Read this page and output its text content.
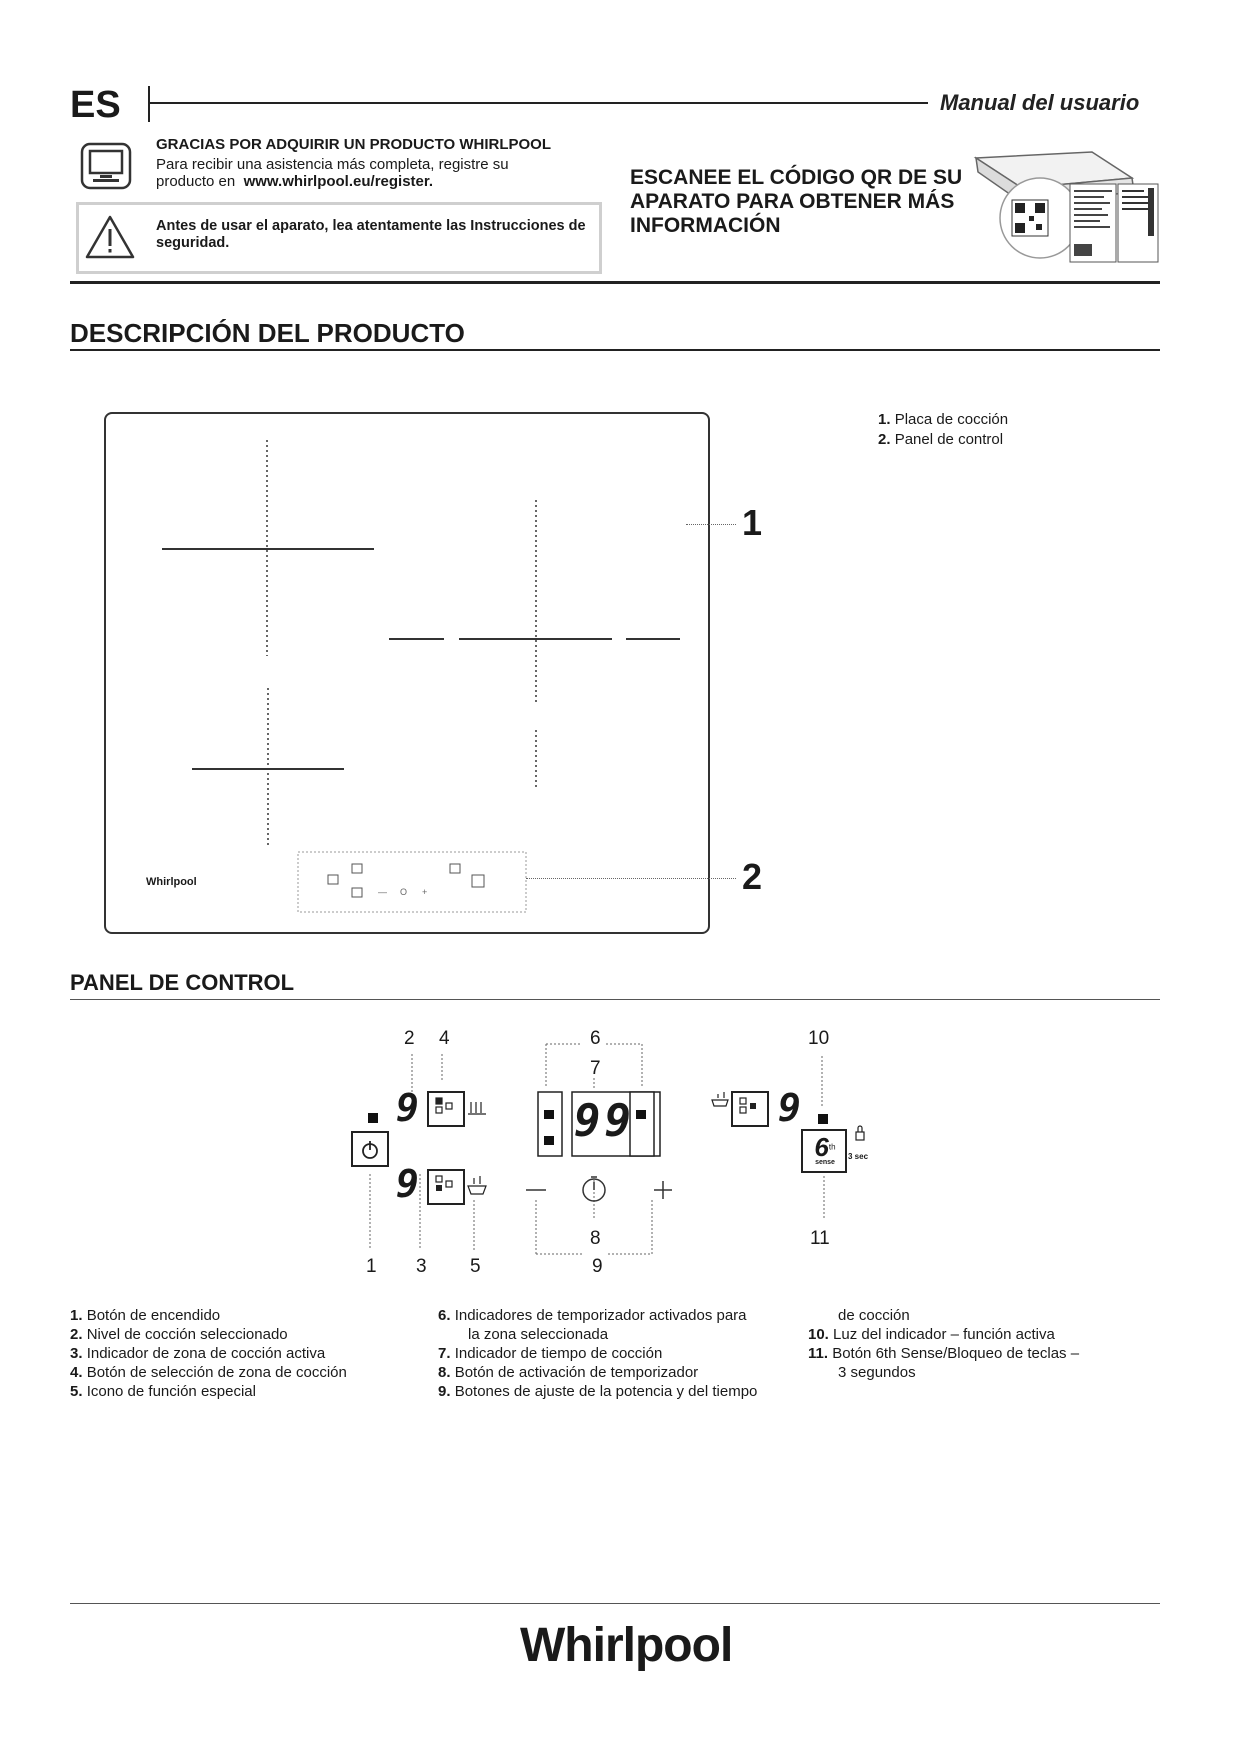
ES	Manual del usuario
GRACIAS POR ADQUIRIR UN PRODUCTO WHIRLPOOL
Para recibir una asistencia más completa, registre su
producto en www.whirlpool.eu/register.
Antes de usar el aparato, lea atentamente las Instrucciones de seguridad.
ESCANEE EL CÓDIGO QR DE SU APARATO PARA OBTENER MÁS INFORMACIÓN
DESCRIPCIÓN DEL PRODUCTO
— O +
Whirlpool
1
2
1. Placa de cocción
2. Panel de control
PANEL DE CONTROL
2 4	6
7
10
8	11
1 3 5	9
9
9
99	9
6th
sense
3 sec
1. Botón de encendido
2. Nivel de cocción seleccionado
3. Indicador de zona de cocción activa
4. Botón de selección de zona de cocción
5. Icono de función especial
6. Indicadores de temporizador activados para
la zona seleccionada
7. Indicador de tiempo de cocción
8. Botón de activación de temporizador
9. Botones de ajuste de la potencia y del tiempo
de cocción
10. Luz del indicador – función activa
11. Botón 6th Sense/Bloqueo de teclas –
3 segundos
Whirlpool
